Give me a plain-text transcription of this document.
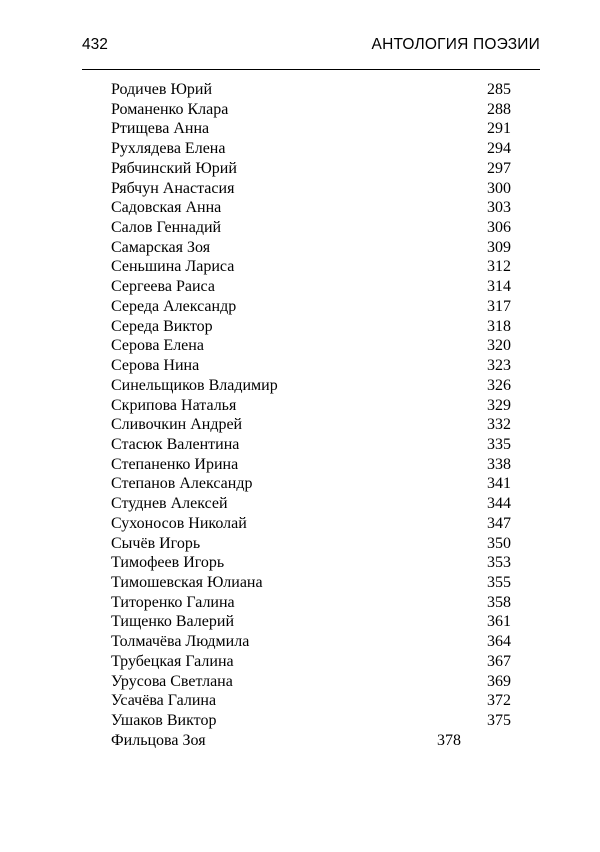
432	АНТОЛОГИЯ ПОЭЗИИ
Родичев Юрий	285
Романенко Клара	288
Ртищева Анна	291
Рухлядева Елена	294
Рябчинский Юрий	297
Рябчун Анастасия	300
Садовская Анна	303
Салов Геннадий	306
Самарская Зоя	309
Сеньшина Лариса	312
Сергеева Раиса	314
Середа Александр	317
Середа Виктор	318
Серова Елена	320
Серова Нина	323
Синельщиков Владимир	326
Скрипова Наталья	329
Сливочкин Андрей	332
Стасюк Валентина	335
Степаненко Ирина	338
Степанов Александр	341
Студнев Алексей	344
Сухоносов Николай	347
Сычёв Игорь	350
Тимофеев Игорь	353
Тимошевская Юлиана	355
Титоренко Галина	358
Тищенко Валерий	361
Толмачёва Людмила	364
Трубецкая Галина	367
Урусова Светлана	369
Усачёва Галина	372
Ушаков Виктор	375
Фильцова Зоя	378
